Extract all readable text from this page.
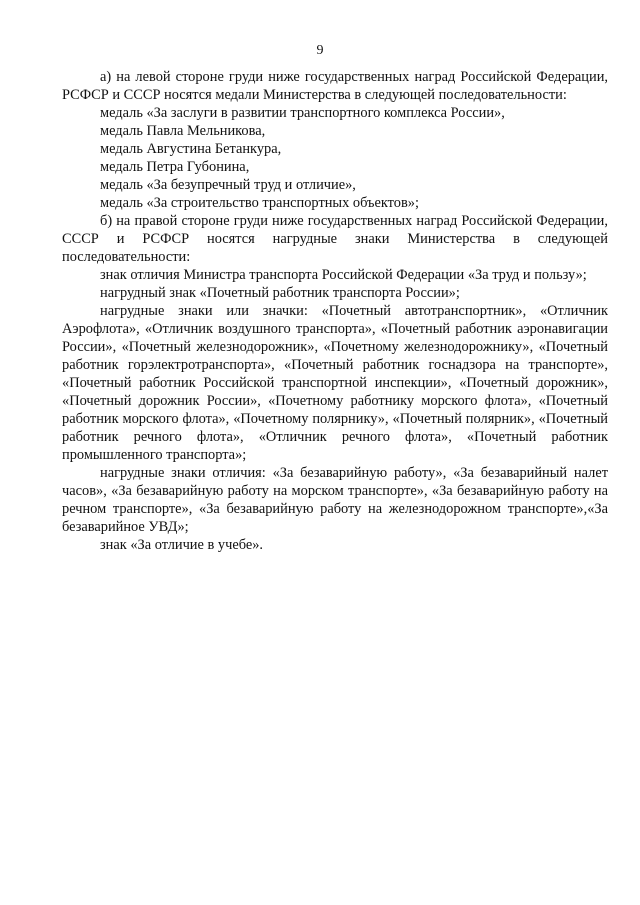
9

а) на левой стороне груди ниже государственных наград Российской Федерации, РСФСР и СССР носятся медали Министерства в следующей последовательности:

медаль «За заслуги в развитии транспортного комплекса России»,

медаль Павла Мельникова,

медаль Августина Бетанкура,

медаль Петра Губонина,

медаль «За безупречный труд и отличие»,

медаль «За строительство транспортных объектов»;

б) на правой стороне груди ниже государственных наград Российской Федерации, СССР и РСФСР носятся нагрудные знаки Министерства в следующей последовательности:

знак отличия Министра транспорта Российской Федерации «За труд и пользу»;

нагрудный знак «Почетный работник транспорта России»;

нагрудные знаки или значки: «Почетный автотранспортник», «Отличник Аэрофлота», «Отличник воздушного транспорта», «Почетный работник аэронавигации России», «Почетный железнодорожник», «Почетному железнодорожнику», «Почетный работник горэлектротранспорта», «Почетный работник госнадзора на транспорте», «Почетный работник Российской транспортной инспекции», «Почетный дорожник», «Почетный дорожник России», «Почетному работнику морского флота», «Почетный работник морского флота», «Почетному полярнику», «Почетный полярник», «Почетный работник речного флота», «Отличник речного флота», «Почетный работник промышленного транспорта»;

нагрудные знаки отличия: «За безаварийную работу», «За безаварийный налет часов», «За безаварийную работу на морском транспорте», «За безаварийную работу на речном транспорте», «За безаварийную работу на железнодорожном транспорте»,«За безаварийное УВД»;

знак «За отличие в учебе».
